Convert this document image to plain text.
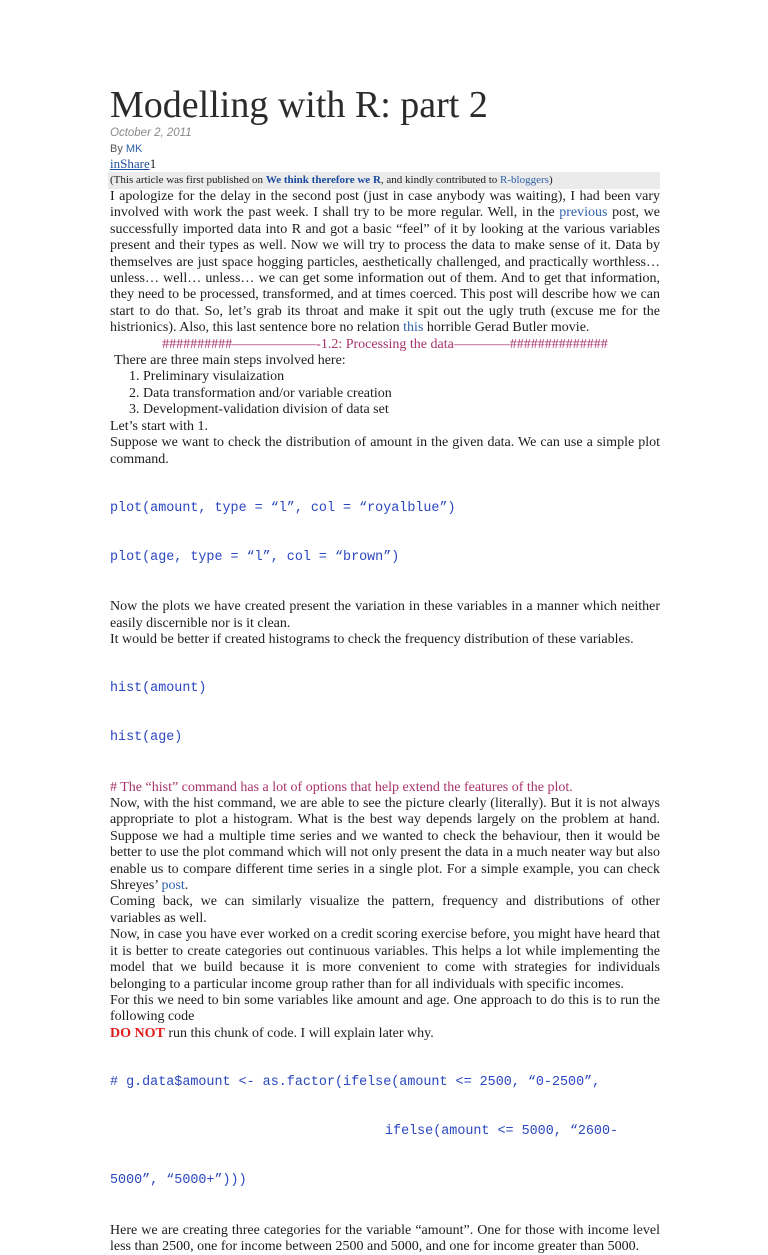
Modelling with R: part 2
October 2, 2011
By MK
inShare1
(This article was first published on We think therefore we R, and kindly contributed to R-bloggers)

I apologize for the delay in the second post (just in case anybody was waiting), I had been vary involved with work the past week. I shall try to be more regular. Well, in the previous post, we successfully imported data into R and got a basic “feel” of it by looking at the various variables present and their types as well. Now we will try to process the data to make sense of it. Data by themselves are just space hogging particles, aesthetically challenged, and practically worthless… unless… well… unless… we can get some information out of them. And to get that information, they need to be processed, transformed, and at times coerced. This post will describe how we can start to do that. So, let’s grab its throat and make it spit out the ugly truth (excuse me for the histrionics). Also, this last sentence bore no relation this horrible Gerad Butler movie.

##########——————-1.2: Processing the data————##############

There are three main steps involved here:

1. Preliminary visulaization
2. Data transformation and/or variable creation
3. Development-validation division of data set

Let’s start with 1.

Suppose we want to check the distribution of amount in the given data. We can use a simple plot command.

plot(amount, type = “l”, col = “royalblue”)

plot(age, type = “l”, col = “brown”)

Now the plots we have created present the variation in these variables in a manner which neither easily discernible nor is it clean.

It would be better if created histograms to check the frequency distribution of these variables.

hist(amount)

hist(age)

# The “hist” command has a lot of options that help extend the features of the plot.

Now, with the hist command, we are able to see the picture clearly (literally). But it is not always appropriate to plot a histogram. What is the best way depends largely on the problem at hand. Suppose we had a multiple time series and we wanted to check the behaviour, then it would be better to use the plot command which will not only present the data in a much neater way but also enable us to compare different time series in a single plot. For a simple example, you can check Shreyes’ post.

Coming back, we can similarly visualize the pattern, frequency and distributions of other variables as well.

Now, in case you have ever worked on a credit scoring exercise before, you might have heard that it is better to create categories out continuous variables. This helps a lot while implementing the model that we build because it is more convenient to come with strategies for individuals belonging to a particular income group rather than for all individuals with specific incomes.

For this we need to bin some variables like amount and age. One approach to do this is to run the following code

DO NOT run this chunk of code. I will explain later why.

# g.data$amount <- as.factor(ifelse(amount <= 2500, “0-2500”,

ifelse(amount <= 5000, “2600-

5000”, “5000+”)))

Here we are creating three categories for the variable “amount”. One for those with income level less than 2500, one for income between 2500 and 5000, and one for income greater than 5000.
